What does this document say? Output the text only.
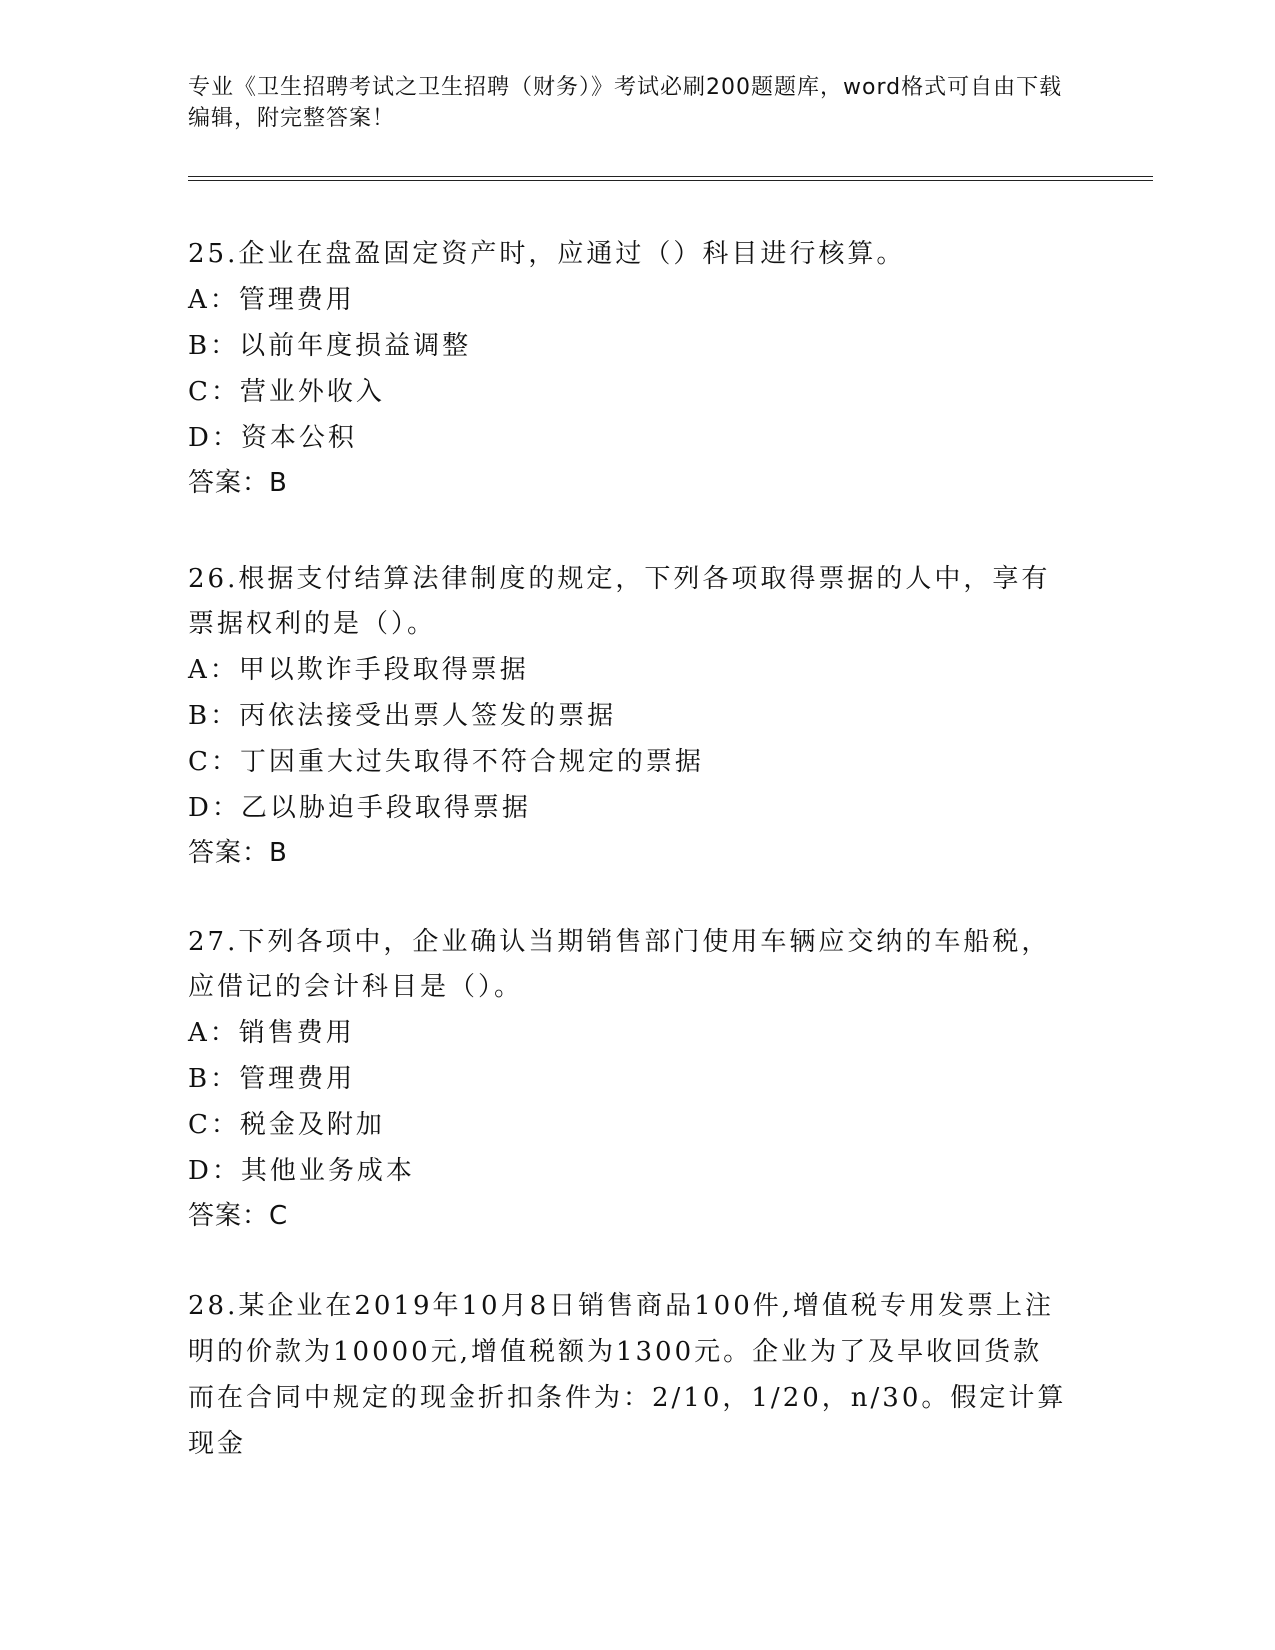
专业《卫生招聘考试之卫生招聘（财务）》考试必刷200题题库，word格式可自由下载编辑，附完整答案！
25.企业在盘盈固定资产时，应通过（）科目进行核算。
A：管理费用
B：以前年度损益调整
C：营业外收入
D：资本公积
答案：B
26.根据支付结算法律制度的规定，下列各项取得票据的人中，享有票据权利的是（）。
A：甲以欺诈手段取得票据
B：丙依法接受出票人签发的票据
C：丁因重大过失取得不符合规定的票据
D：乙以胁迫手段取得票据
答案：B
27.下列各项中，企业确认当期销售部门使用车辆应交纳的车船税，应借记的会计科目是（）。
A：销售费用
B：管理费用
C：税金及附加
D：其他业务成本
答案：C
28.某企业在2019年10月8日销售商品100件,增值税专用发票上注明的价款为10000元,增值税额为1300元。企业为了及早收回货款而在合同中规定的现金折扣条件为：2/10，1/20，n/30。假定计算现金
